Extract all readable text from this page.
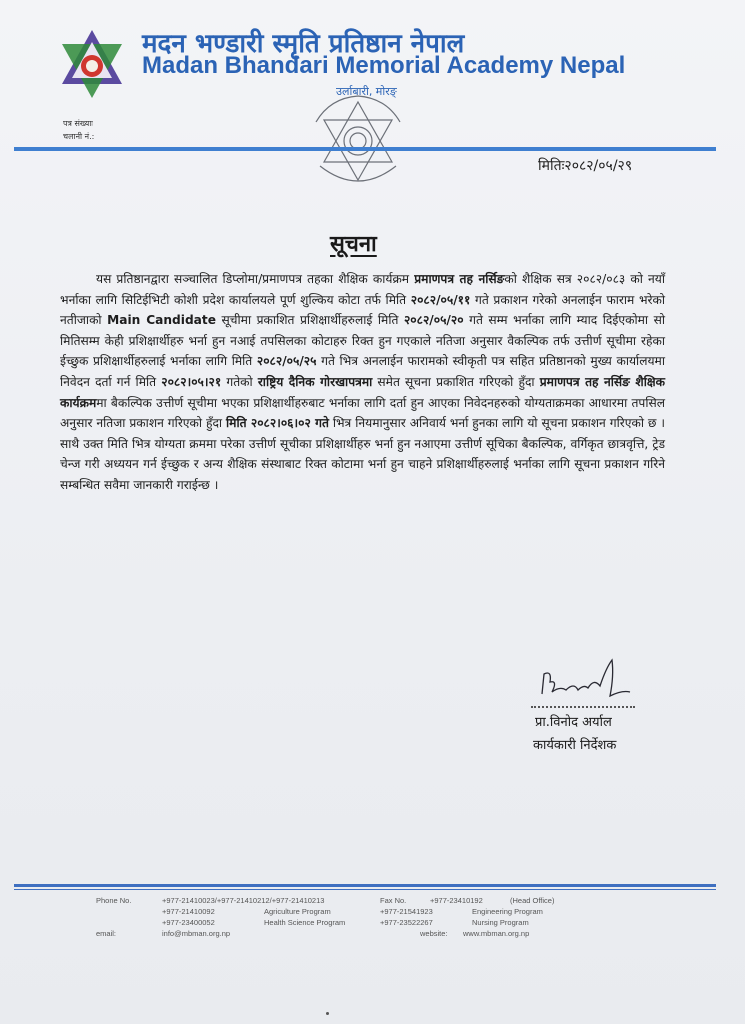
मदन भण्डारी स्मृति प्रतिष्ठान नेपाल
Madan Bhandari Memorial Academy Nepal
उर्लाबारी, मोरङ्
पत्र संख्याः
चलानी नं.:
मितिः२०८२/०५/२९
सूचना
यस प्रतिष्ठानद्वारा सञ्चालित डिप्लोमा/प्रमाणपत्र तहका शैक्षिक कार्यक्रम प्रमाणपत्र तह नर्सिङको शैक्षिक सत्र २०८२/०८३ को नयाँ भर्नाका लागि सिटिईभिटी कोशी प्रदेश कार्यालयले पूर्ण शुल्किय कोटा तर्फ मिति २०८२/०५/११ गते प्रकाशन गरेको अनलाईन फाराम भरेको नतीजाको Main Candidate सूचीमा प्रकाशित प्रशिक्षार्थीहरुलाई मिति २०८२/०५/२० गते सम्म भर्नाका लागि म्याद दिईएकोमा सो मितिसम्म केही प्रशिक्षार्थीहरु भर्ना हुन नआई तपसिलका कोटाहरु रिक्त हुन गएकाले नतिजा अनुसार वैकल्पिक तर्फ उत्तीर्ण सूचीमा रहेका ईच्छुक प्रशिक्षार्थीहरुलाई भर्नाका लागि मिति २०८२/०५/२५ गते भित्र अनलाईन फारामको स्वीकृती पत्र सहित प्रतिष्ठानको मुख्य कार्यालयमा निवेदन दर्ता गर्न मिति २०८२।०५।२१ गतेको राष्ट्रिय दैनिक गोरखापत्रमा समेत सूचना प्रकाशित गरिएको हुँदा प्रमाणपत्र तह नर्सिङ शैक्षिक कार्यक्रममा बैकल्पिक उत्तीर्ण सूचीमा भएका प्रशिक्षार्थीहरुबाट भर्नाका लागि दर्ता हुन आएका निवेदनहरुको योग्यताक्रमका आधारमा तपसिल अनुसार नतिजा प्रकाशन गरिएको हुँदा मिति २०८२।०६।०२ गते भित्र नियमानुसार अनिवार्य भर्ना हुनका लागि यो सूचना प्रकाशन गरिएको छ । साथै उक्त मिति भित्र योग्यता क्रममा परेका उत्तीर्ण सूचीका प्रशिक्षार्थीहरु भर्ना हुन नआएमा उत्तीर्ण सूचिका बैकल्पिक, वर्गिकृत छात्रवृत्ति, ट्रेड चेन्ज गरी अध्ययन गर्न ईच्छुक र अन्य शैक्षिक संस्थाबाट रिक्त कोटामा भर्ना हुन चाहने प्रशिक्षार्थीहरुलाई भर्नाका लागि सूचना प्रकाशन गरिने सम्बन्धित सवैमा जानकारी गराईन्छ ।
प्रा.विनोद अर्याल
कार्यकारी निर्देशक
Phone No.	+977-21410023/+977-21410212/+977-21410213
+977-21410092	Agriculture Program
+977-23400052	Health Science Program
Fax No.	+977-23410192	(Head Office)
+977-21541923	Engineering Program
+977-23522267	Nursing Program
email:	info@mbman.org.np	website: www.mbman.org.np
